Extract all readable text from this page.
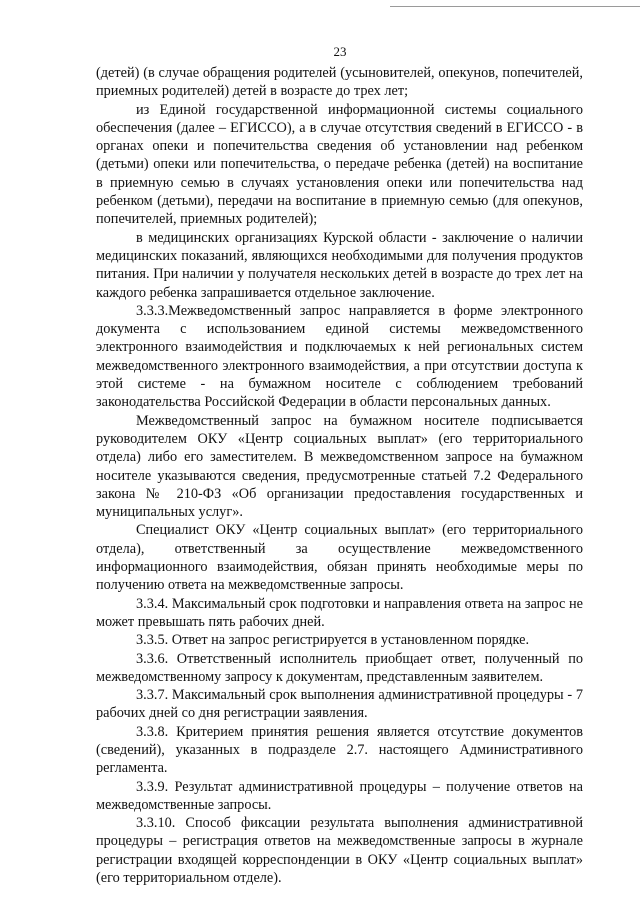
23

(детей) (в случае обращения родителей (усыновителей, опекунов, попечителей, приемных родителей) детей в возрасте до трех лет;

из Единой государственной информационной системы социального обеспечения (далее – ЕГИССО), а в случае отсутствия сведений в ЕГИССО - в органах опеки и попечительства сведения об установлении над ребенком (детьми) опеки или попечительства, о передаче ребенка (детей) на воспитание в приемную семью в случаях установления опеки или попечительства над ребенком (детьми), передачи на воспитание в приемную семью (для опекунов, попечителей, приемных родителей);

в медицинских организациях Курской области - заключение о наличии медицинских показаний, являющихся необходимыми для получения продуктов питания. При наличии у получателя нескольких детей в возрасте до трех лет на каждого ребенка запрашивается отдельное заключение.

3.3.3.Межведомственный запрос направляется в форме электронного документа с использованием единой системы межведомственного электронного взаимодействия и подключаемых к ней региональных систем межведомственного электронного взаимодействия, а при отсутствии доступа к этой системе - на бумажном носителе с соблюдением требований законодательства Российской Федерации в области персональных данных.

Межведомственный запрос на бумажном носителе подписывается руководителем ОКУ «Центр социальных выплат» (его территориального отдела) либо его заместителем. В межведомственном запросе на бумажном носителе указываются сведения, предусмотренные статьей 7.2 Федерального закона № 210-ФЗ «Об организации предоставления государственных и муниципальных услуг».

Специалист ОКУ «Центр социальных выплат» (его территориального отдела), ответственный за осуществление межведомственного информационного взаимодействия, обязан принять необходимые меры по получению ответа на межведомственные запросы.

3.3.4. Максимальный срок подготовки и направления ответа на запрос не может превышать пять рабочих дней.

3.3.5. Ответ на запрос регистрируется в установленном порядке.

3.3.6. Ответственный исполнитель приобщает ответ, полученный по межведомственному запросу к документам, представленным заявителем.

3.3.7. Максимальный срок выполнения административной процедуры - 7 рабочих дней со дня регистрации заявления.

3.3.8. Критерием принятия решения является отсутствие документов (сведений), указанных в подразделе 2.7. настоящего Административного регламента.

3.3.9. Результат административной процедуры – получение ответов на межведомственные запросы.

3.3.10. Способ фиксации результата выполнения административной процедуры – регистрация ответов на межведомственные запросы в журнале регистрации входящей корреспонденции в ОКУ «Центр социальных выплат» (его территориальном отделе).
